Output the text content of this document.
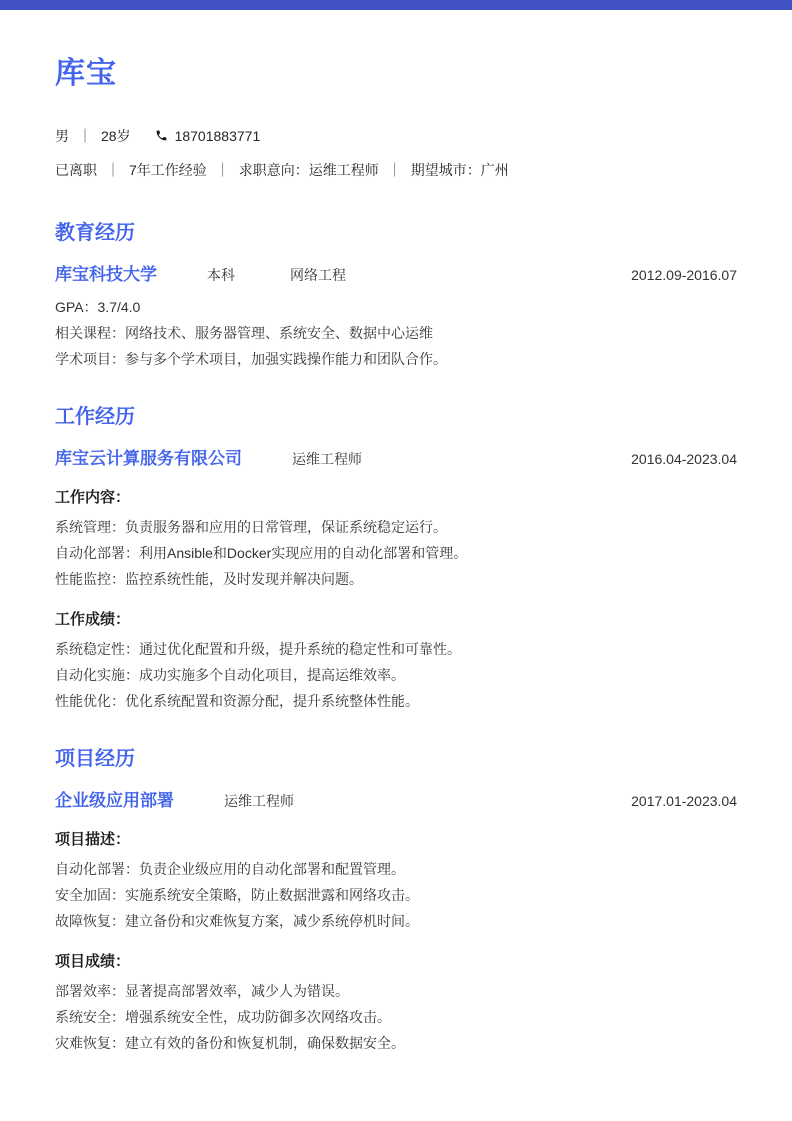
库宝
男 ｜ 28岁	18701883771
已离职 ｜ 7年工作经验 ｜ 求职意向：运维工程师 ｜ 期望城市：广州
教育经历
库宝科技大学	本科	网络工程	2012.09-2016.07
GPA：3.7/4.0
相关课程：网络技术、服务器管理、系统安全、数据中心运维
学术项目：参与多个学术项目，加强实践操作能力和团队合作。
工作经历
库宝云计算服务有限公司	运维工程师	2016.04-2023.04
工作内容：
系统管理：负责服务器和应用的日常管理，保证系统稳定运行。
自动化部署：利用Ansible和Docker实现应用的自动化部署和管理。
性能监控：监控系统性能，及时发现并解决问题。
工作成绩：
系统稳定性：通过优化配置和升级，提升系统的稳定性和可靠性。
自动化实施：成功实施多个自动化项目，提高运维效率。
性能优化：优化系统配置和资源分配，提升系统整体性能。
项目经历
企业级应用部署	运维工程师	2017.01-2023.04
项目描述：
自动化部署：负责企业级应用的自动化部署和配置管理。
安全加固：实施系统安全策略，防止数据泄露和网络攻击。
故障恢复：建立备份和灾难恢复方案，减少系统停机时间。
项目成绩：
部署效率：显著提高部署效率，减少人为错误。
系统安全：增强系统安全性，成功防御多次网络攻击。
灾难恢复：建立有效的备份和恢复机制，确保数据安全。
